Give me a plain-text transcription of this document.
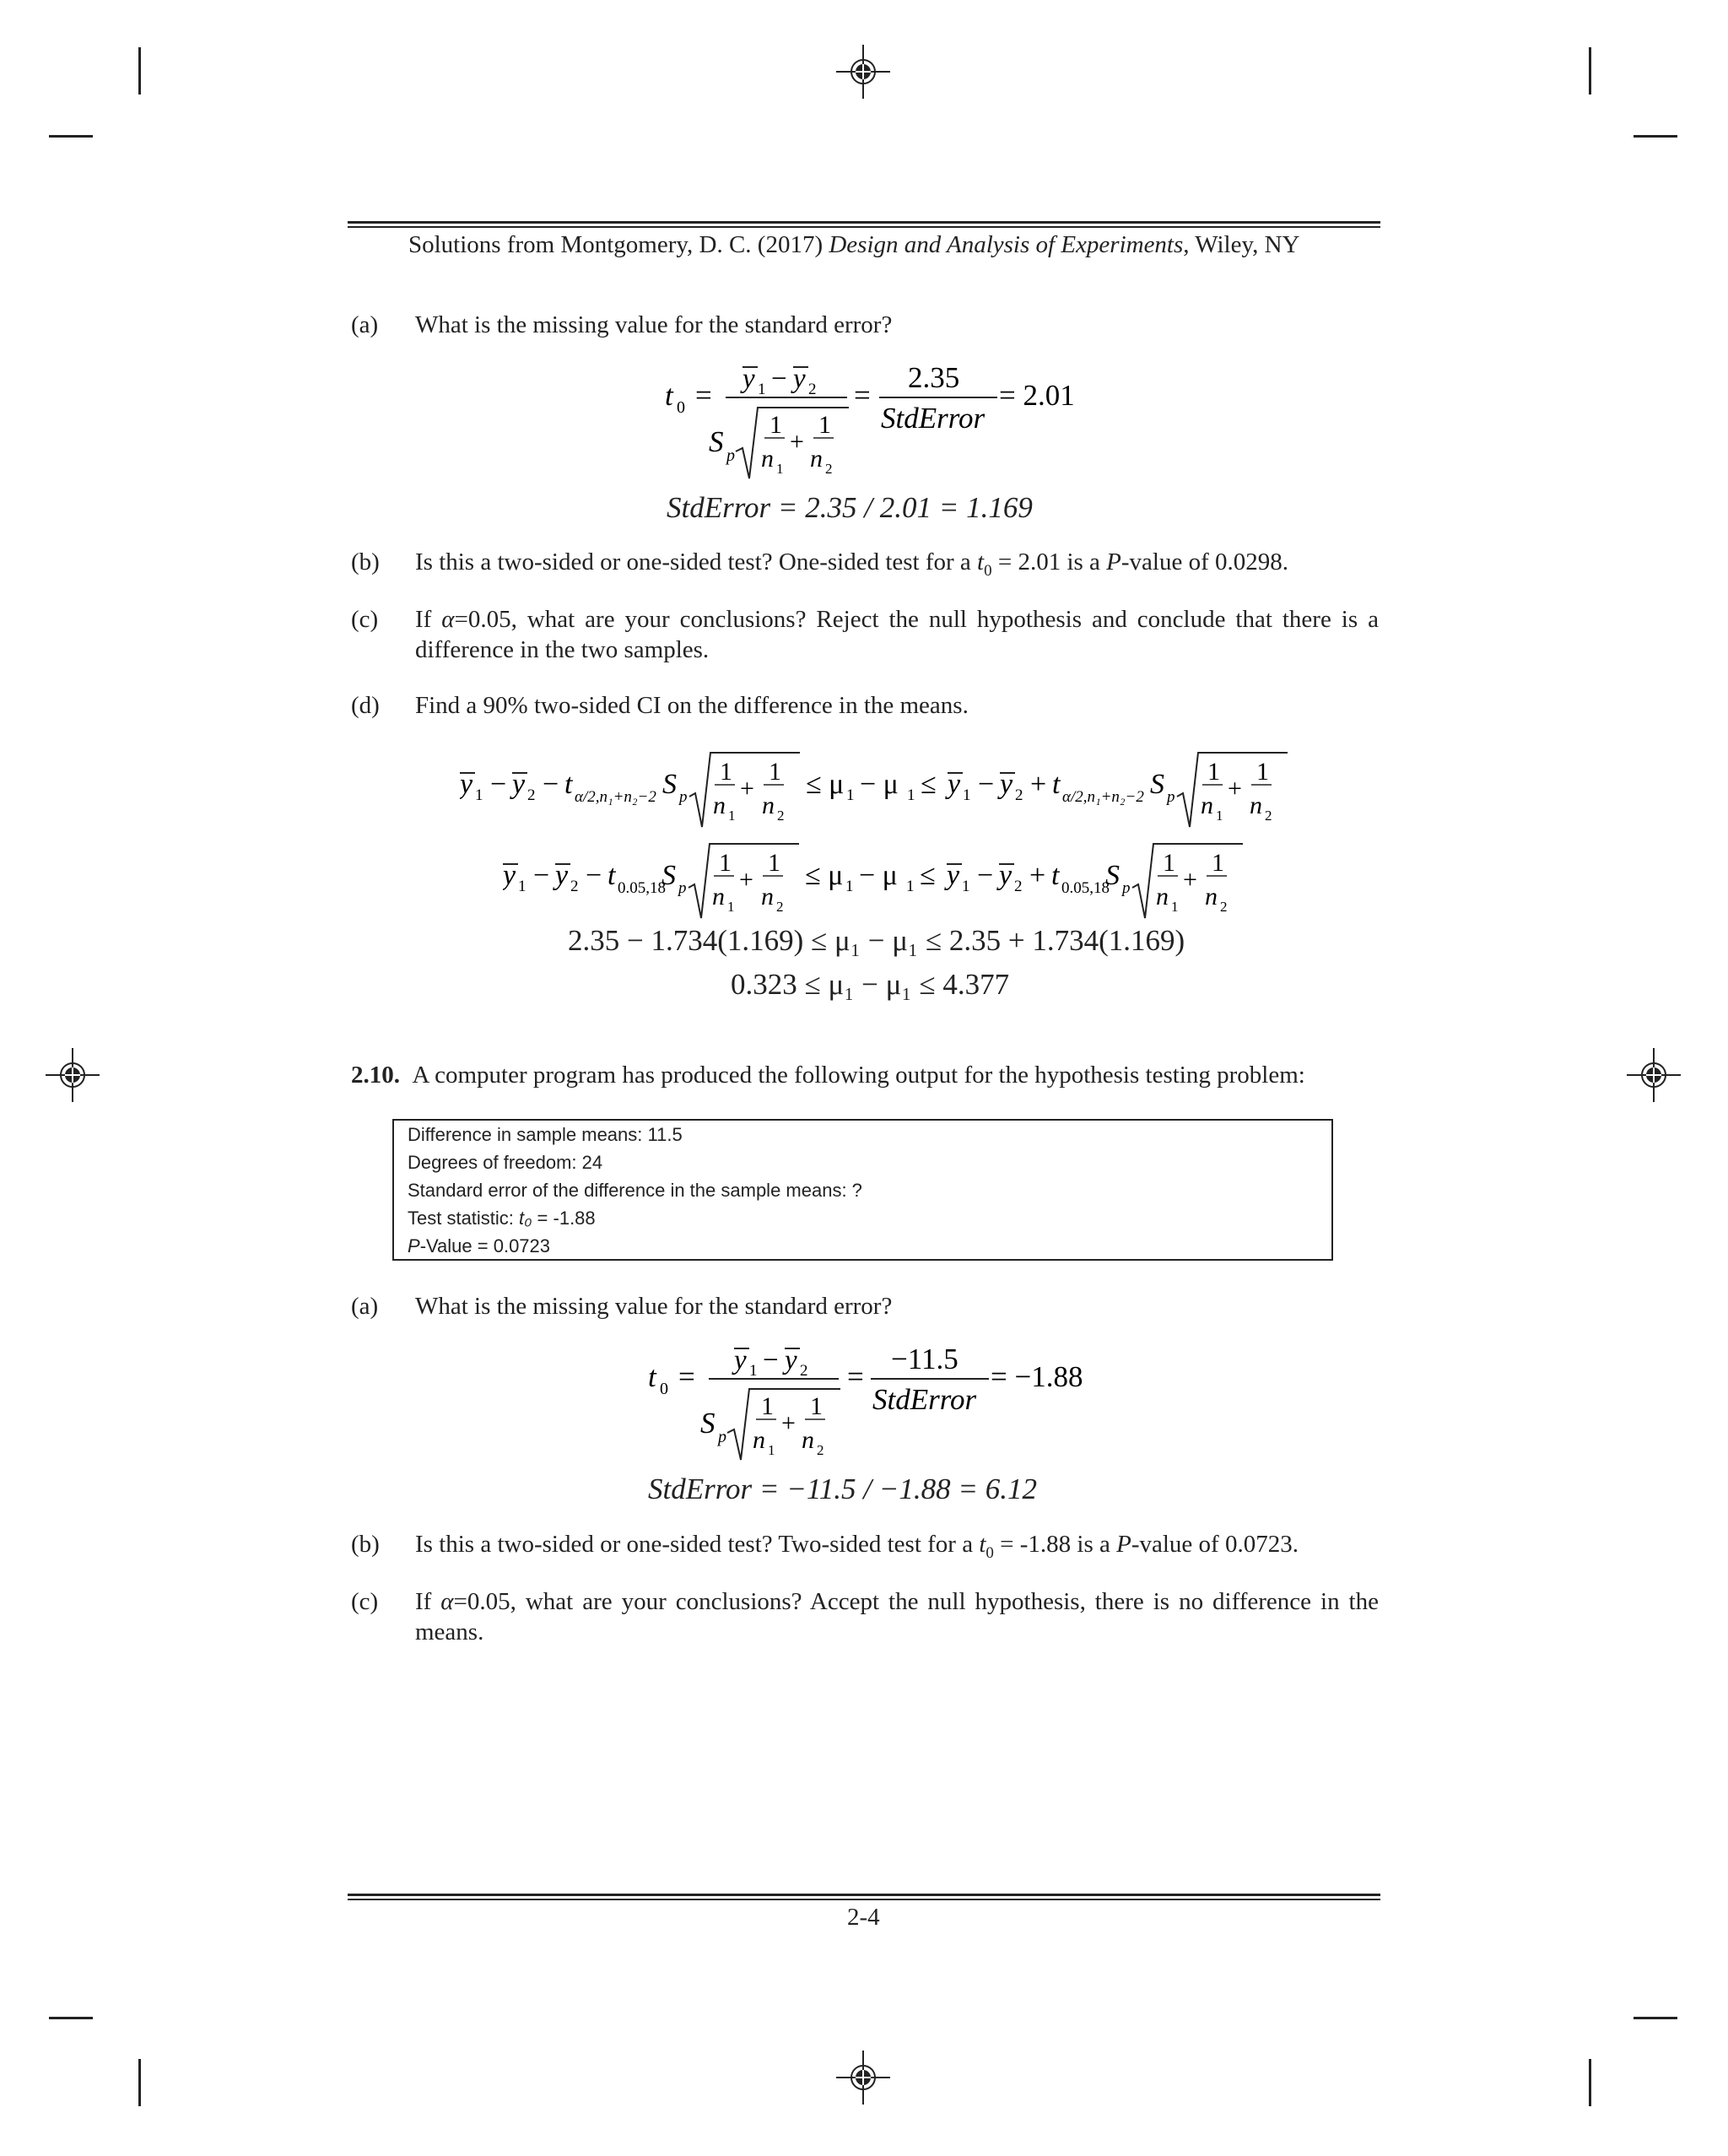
Solutions from Montgomery, D. C. (2017) Design and Analysis of Experiments, Wiley, NY
(a) What is the missing value for the standard error?
t 0 = y 1 − y 2
S p
1
n 1
+
1
n 2
=
2.35
StdError
= 2.01
StdError = 2.35 / 2.01 = 1.169
(b) Is this a two-sided or one-sided test? One-sided test for a $t_0 = 2.01$ is a P-value of 0.0298.
(c) If α=0.05, what are your conclusions? Reject the null hypothesis and conclude that there is a difference in the two samples.
(d) Find a 90% two-sided CI on the difference in the means.
y 1 − y 2 − t α/2,n₁+n₂−2 S p
1
n 1
+
1
n 2
≤ μ 1 − μ 1 ≤ y 1 − y 2 + t α/2,n₁+n₂−2 S p
1
n 1
+
1
n 2
y 1 − y 2 − t 0.05,18
S p
1
n 1
+
1
n 2
≤ μ 1 − μ 1 ≤ y 1 − y 2 + t 0.05,18
S p
1
n 1
+
1
n 2
2.35 − 1.734(1.169) ≤ μ₁ − μ₁ ≤ 2.35 + 1.734(1.169)
0.323 ≤ μ₁ − μ₁ ≤ 4.377
2.10. A computer program has produced the following output for the hypothesis testing problem:
Difference in sample means: 11.5
Degrees of freedom: 24
Standard error of the difference in the sample means: ?
Test statistic: t₀ = -1.88
P-Value = 0.0723
(a) What is the missing value for the standard error?
t 0 = y 1 − y 2
S p
1
n 1
+
1
n 2
=
−11.5
StdError
= −1.88
StdError = −11.5 / −1.88 = 6.12
(b) Is this a two-sided or one-sided test? Two-sided test for a $t_0 = -1.88$ is a P-value of 0.0723.
(c) If α=0.05, what are your conclusions? Accept the null hypothesis, there is no difference in the means.
2-4
